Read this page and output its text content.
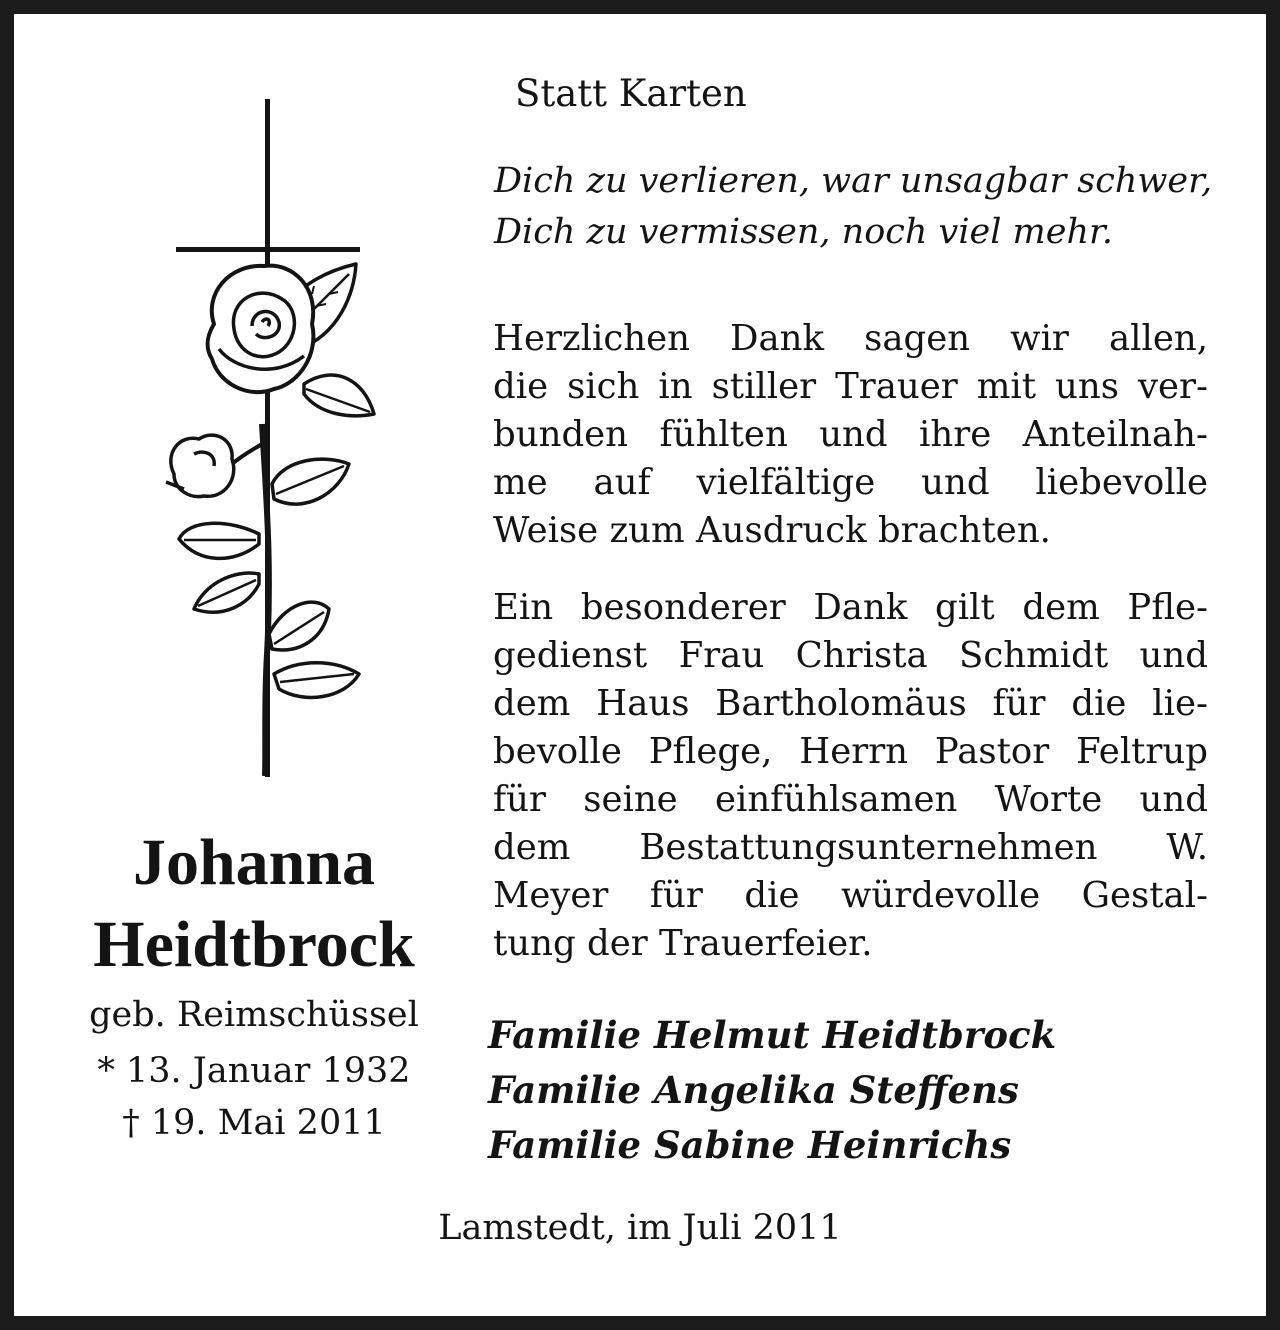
Statt Karten
Dich zu verlieren, war unsagbar schwer,
Dich zu vermissen, noch viel mehr.
Herzlichen Dank sagen wir allen,
die sich in stiller Trauer mit uns ver-
bunden fühlten und ihre Anteilnah-
me auf vielfältige und liebevolle
Weise zum Ausdruck brachten.
Ein besonderer Dank gilt dem Pfle-
gedienst Frau Christa Schmidt und
dem Haus Bartholomäus für die lie-
bevolle Pflege, Herrn Pastor Feltrup
für seine einfühlsamen Worte und
dem Bestattungsunternehmen W.
Meyer für die würdevolle Gestal-
tung der Trauerfeier.
Johanna
Heidtbrock
geb. Reimschüssel
* 13. Januar 1932
† 19. Mai 2011
Familie Helmut Heidtbrock
Familie Angelika Steffens
Familie Sabine Heinrichs
Lamstedt, im Juli 2011
